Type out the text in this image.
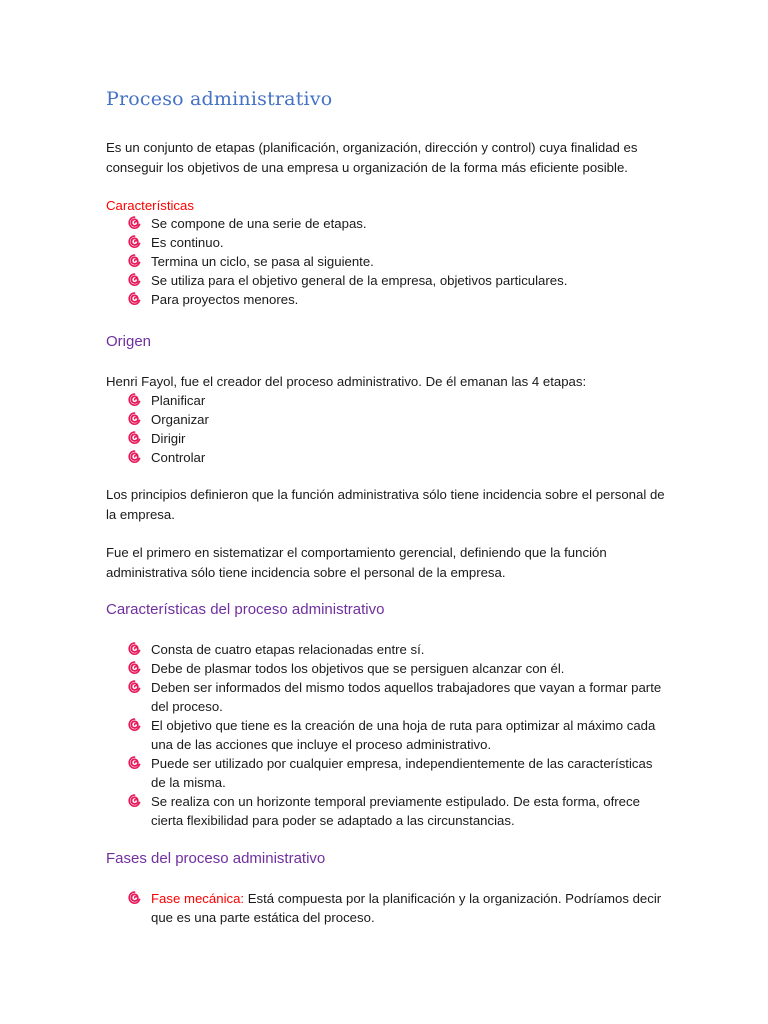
Proceso administrativo

Es un conjunto de etapas (planificación, organización, dirección y control) cuya finalidad es conseguir los objetivos de una empresa u organización de la forma más eficiente posible.

Características

Se compone de una serie de etapas.
Es continuo.
Termina un ciclo, se pasa al siguiente.
Se utiliza para el objetivo general de la empresa, objetivos particulares.
Para proyectos menores.
Origen

Henri Fayol, fue el creador del proceso administrativo. De él emanan las 4 etapas:

Planificar
Organizar
Dirigir
Controlar

Los principios definieron que la función administrativa sólo tiene incidencia sobre el personal de la empresa.

Fue el primero en sistematizar el comportamiento gerencial, definiendo que la función administrativa sólo tiene incidencia sobre el personal de la empresa.

Características del proceso administrativo
Consta de cuatro etapas relacionadas entre sí.
Debe de plasmar todos los objetivos que se persiguen alcanzar con él.
Deben ser informados del mismo todos aquellos trabajadores que vayan a formar parte del proceso.
El objetivo que tiene es la creación de una hoja de ruta para optimizar al máximo cada una de las acciones que incluye el proceso administrativo.
Puede ser utilizado por cualquier empresa, independientemente de las características de la misma.
Se realiza con un horizonte temporal previamente estipulado. De esta forma, ofrece cierta flexibilidad para poder se adaptado a las circunstancias.
Fases del proceso administrativo
Fase mecánica: Está compuesta por la planificación y la organización. Podríamos decir que es una parte estática del proceso.
